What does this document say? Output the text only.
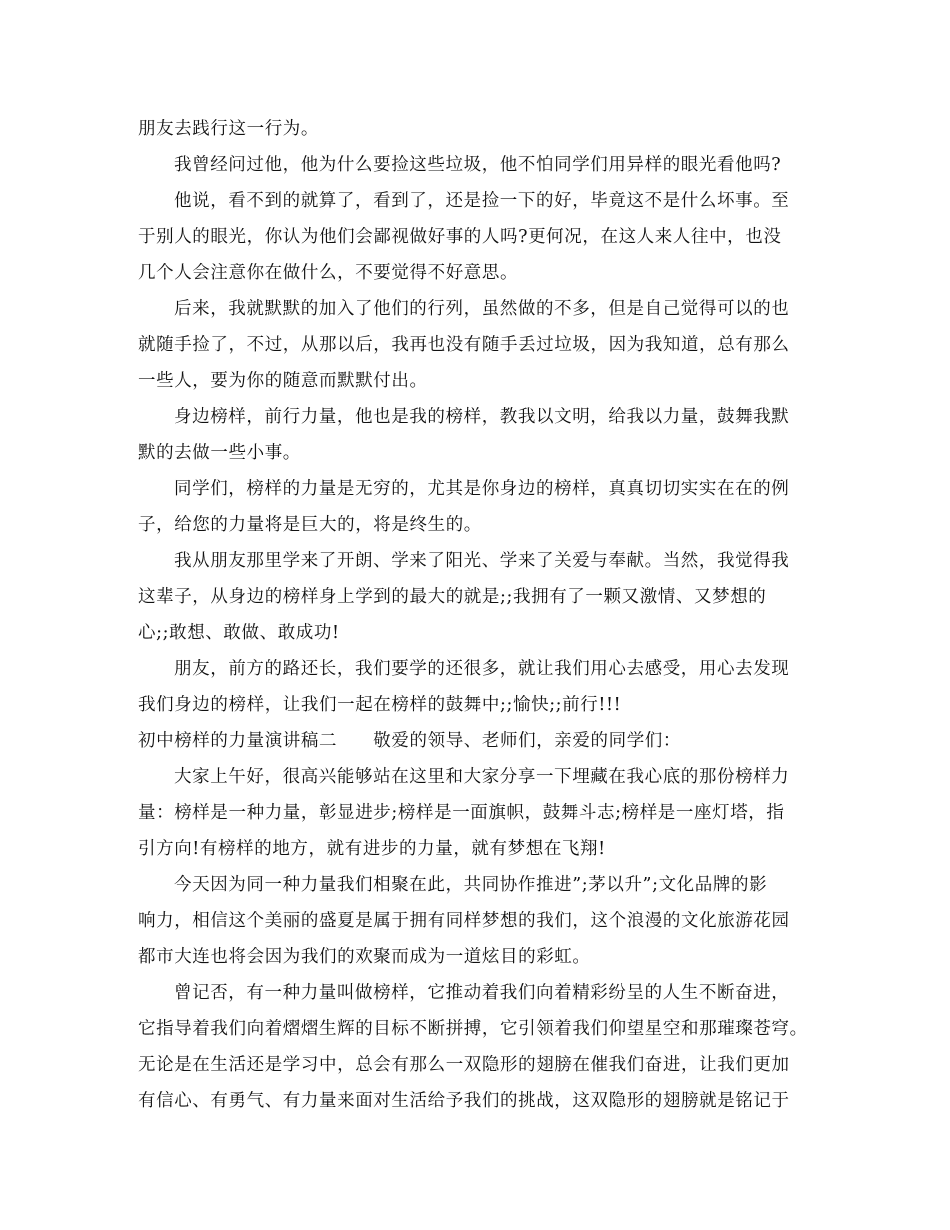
朋友去践行这一行为。
我曾经问过他，他为什么要捡这些垃圾，他不怕同学们用异样的眼光看他吗?
他说，看不到的就算了，看到了，还是捡一下的好，毕竟这不是什么坏事。至
于别人的眼光，你认为他们会鄙视做好事的人吗?更何况，在这人来人往中，也没
几个人会注意你在做什么，不要觉得不好意思。
后来，我就默默的加入了他们的行列，虽然做的不多，但是自己觉得可以的也
就随手捡了，不过，从那以后，我再也没有随手丢过垃圾，因为我知道，总有那么
一些人，要为你的随意而默默付出。
身边榜样，前行力量，他也是我的榜样，教我以文明，给我以力量，鼓舞我默
默的去做一些小事。
同学们，榜样的力量是无穷的，尤其是你身边的榜样，真真切切实实在在的例
子，给您的力量将是巨大的，将是终生的。
我从朋友那里学来了开朗、学来了阳光、学来了关爱与奉献。当然，我觉得我
这辈子，从身边的榜样身上学到的最大的就是;;我拥有了一颗又激情、又梦想的
心;;敢想、敢做、敢成功!
朋友，前方的路还长，我们要学的还很多，就让我们用心去感受，用心去发现
我们身边的榜样，让我们一起在榜样的鼓舞中;;愉快;;前行!!!
初中榜样的力量演讲稿二　　敬爱的领导、老师们，亲爱的同学们：
大家上午好，很高兴能够站在这里和大家分享一下埋藏在我心底的那份榜样力
量：榜样是一种力量，彰显进步;榜样是一面旗帜，鼓舞斗志;榜样是一座灯塔，指
引方向!有榜样的地方，就有进步的力量，就有梦想在飞翔!
今天因为同一种力量我们相聚在此，共同协作推进”;茅以升”;文化品牌的影
响力，相信这个美丽的盛夏是属于拥有同样梦想的我们，这个浪漫的文化旅游花园
都市大连也将会因为我们的欢聚而成为一道炫目的彩虹。
曾记否，有一种力量叫做榜样，它推动着我们向着精彩纷呈的人生不断奋进，
它指导着我们向着熠熠生辉的目标不断拼搏，它引领着我们仰望星空和那璀璨苍穹。
无论是在生活还是学习中，总会有那么一双隐形的翅膀在催我们奋进，让我们更加
有信心、有勇气、有力量来面对生活给予我们的挑战，这双隐形的翅膀就是铭记于
